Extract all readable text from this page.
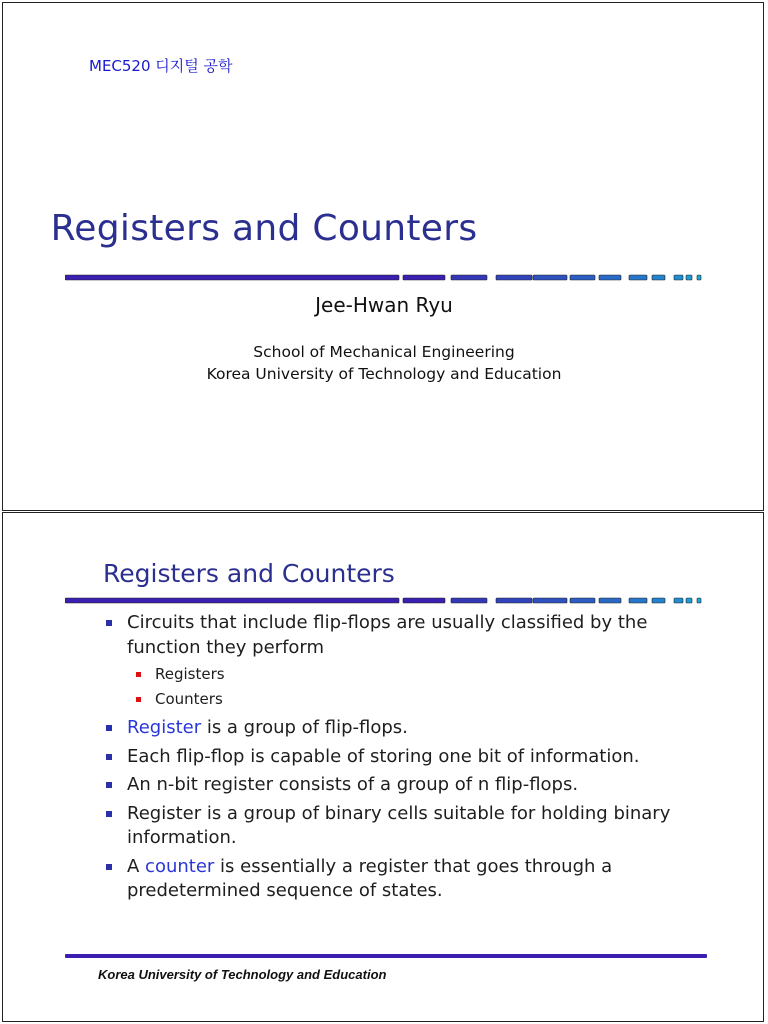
MEC520 디지털 공학
Registers and Counters
Jee-Hwan Ryu
School of Mechanical Engineering
Korea University of Technology and Education
Registers and Counters
Circuits that include flip-flops are usually classified by the function they perform
Registers
Counters
Register is a group of flip-flops.
Each flip-flop is capable of storing one bit of information.
An n-bit register consists of a group of n flip-flops.
Register is a group of binary cells suitable for holding binary information.
A counter is essentially a register that goes through a predetermined sequence of states.
Korea University of Technology and Education
